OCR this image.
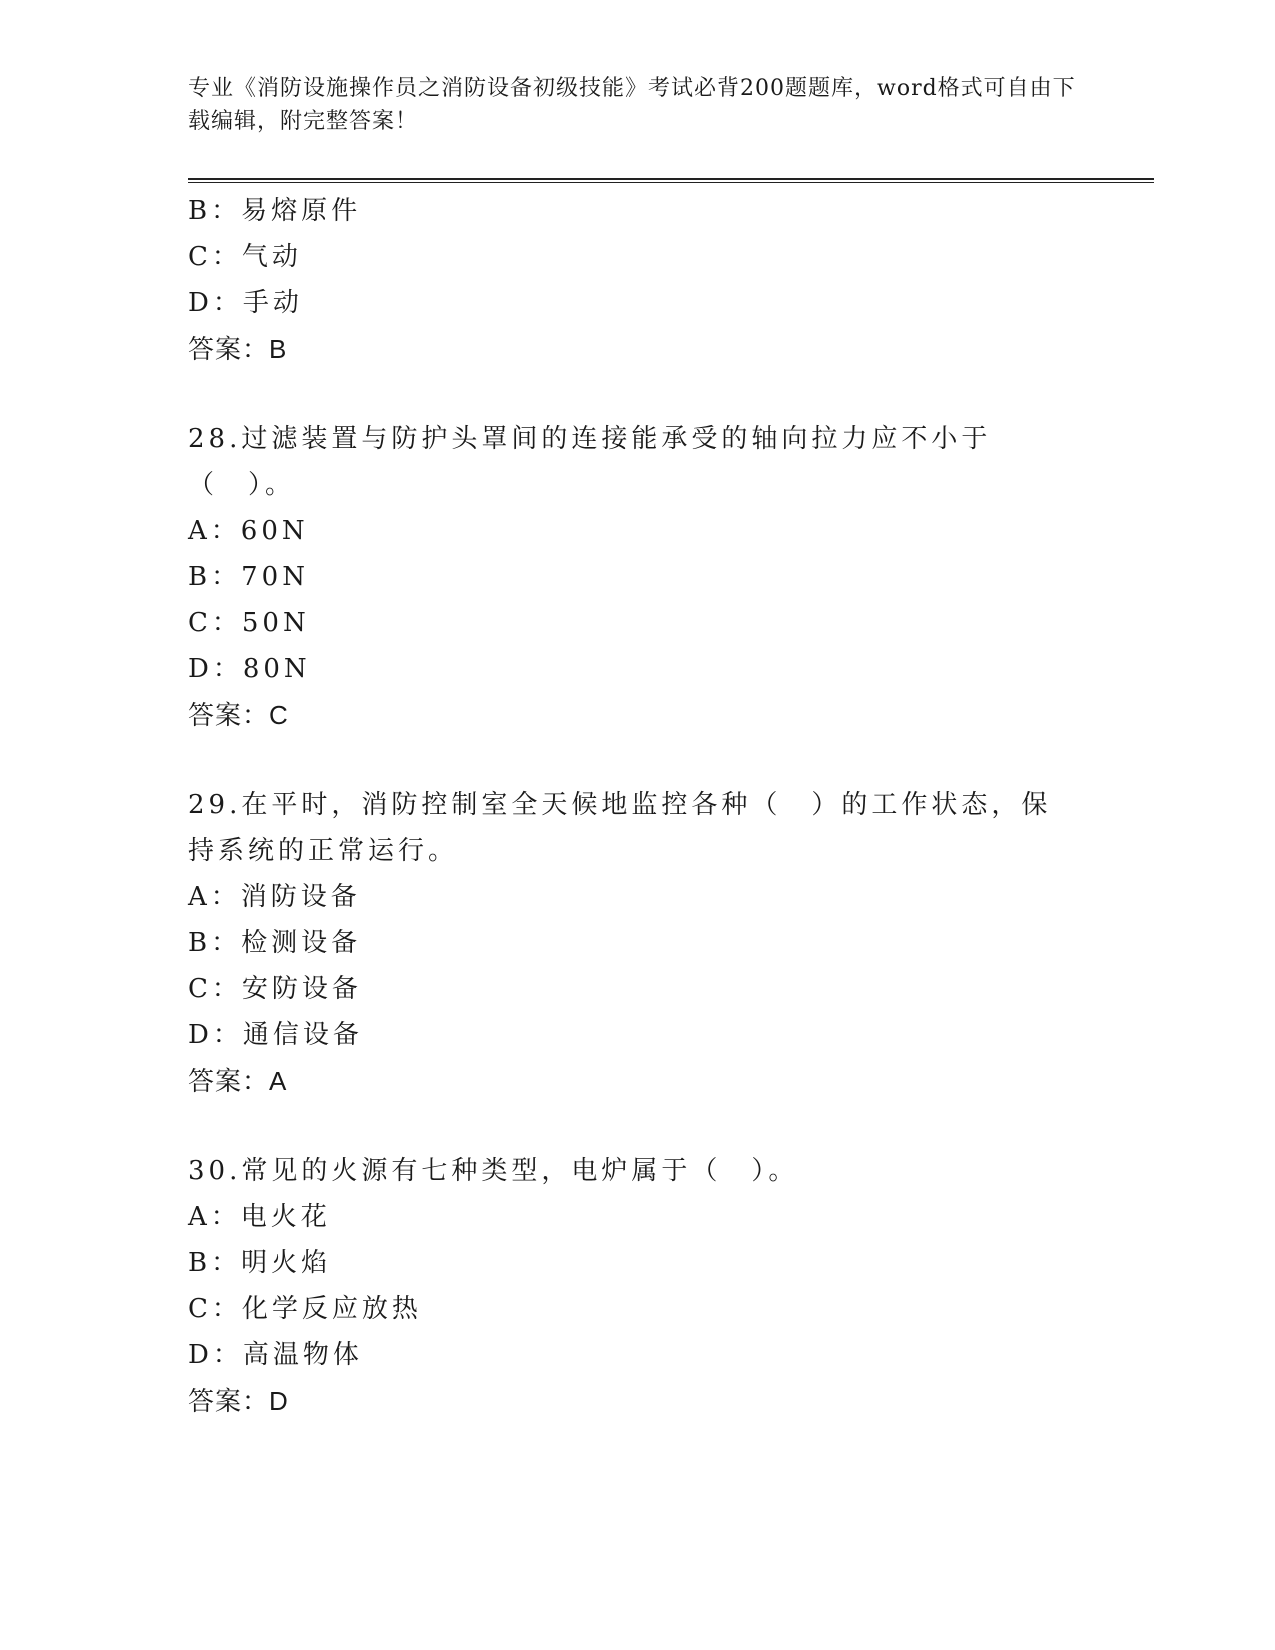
专业《消防设施操作员之消防设备初级技能》考试必背200题题库，word格式可自由下载编辑，附完整答案！
B：易熔原件
C：气动
D：手动
答案：B
28.过滤装置与防护头罩间的连接能承受的轴向拉力应不小于（　）。
A：60N
B：70N
C：50N
D：80N
答案：C
29.在平时，消防控制室全天候地监控各种（　）的工作状态，保持系统的正常运行。
A：消防设备
B：检测设备
C：安防设备
D：通信设备
答案：A
30.常见的火源有七种类型，电炉属于（　）。
A：电火花
B：明火焰
C：化学反应放热
D：高温物体
答案：D
